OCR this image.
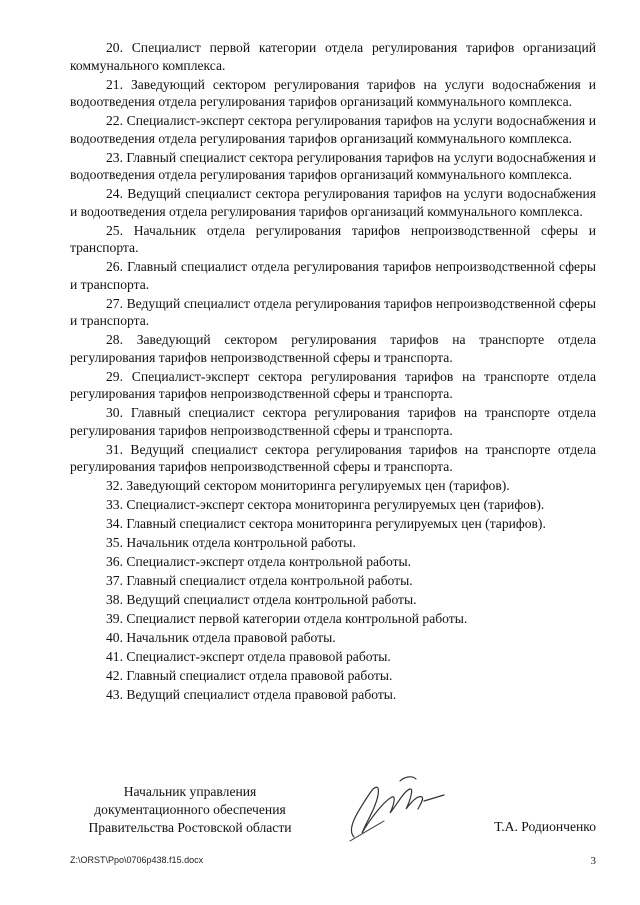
20. Специалист первой категории отдела регулирования тарифов организаций коммунального комплекса.

21. Заведующий сектором регулирования тарифов на услуги водоснабжения и водоотведения отдела регулирования тарифов организаций коммунального комплекса.

22. Специалист-эксперт сектора регулирования тарифов на услуги водоснабжения и водоотведения отдела регулирования тарифов организаций коммунального комплекса.

23. Главный специалист сектора регулирования тарифов на услуги водоснабжения и водоотведения отдела регулирования тарифов организаций коммунального комплекса.

24. Ведущий специалист сектора регулирования тарифов на услуги водоснабжения и водоотведения отдела регулирования тарифов организаций коммунального комплекса.

25. Начальник отдела регулирования тарифов непроизводственной сферы и транспорта.

26. Главный специалист отдела регулирования тарифов непроизводственной сферы и транспорта.

27. Ведущий специалист отдела регулирования тарифов непроизводственной сферы и транспорта.

28. Заведующий сектором регулирования тарифов на транспорте отдела регулирования тарифов непроизводственной сферы и транспорта.

29. Специалист-эксперт сектора регулирования тарифов на транспорте отдела регулирования тарифов непроизводственной сферы и транспорта.

30. Главный специалист сектора регулирования тарифов на транспорте отдела регулирования тарифов непроизводственной сферы и транспорта.

31. Ведущий специалист сектора регулирования тарифов на транспорте отдела регулирования тарифов непроизводственной сферы и транспорта.

32. Заведующий сектором мониторинга регулируемых цен (тарифов).

33. Специалист-эксперт сектора мониторинга регулируемых цен (тарифов).

34. Главный специалист сектора мониторинга регулируемых цен (тарифов).

35. Начальник отдела контрольной работы.

36. Специалист-эксперт отдела контрольной работы.

37. Главный специалист отдела контрольной работы.

38. Ведущий специалист отдела контрольной работы.

39. Специалист первой категории отдела контрольной работы.

40. Начальник отдела правовой работы.

41. Специалист-эксперт отдела правовой работы.

42. Главный специалист отдела правовой работы.

43. Ведущий специалист отдела правовой работы.

Начальник управления
документационного обеспечения
Правительства Ростовской области	Т.А. Родионченко
Z:\ORST\Ppo\0706p438.f15.docx	3
